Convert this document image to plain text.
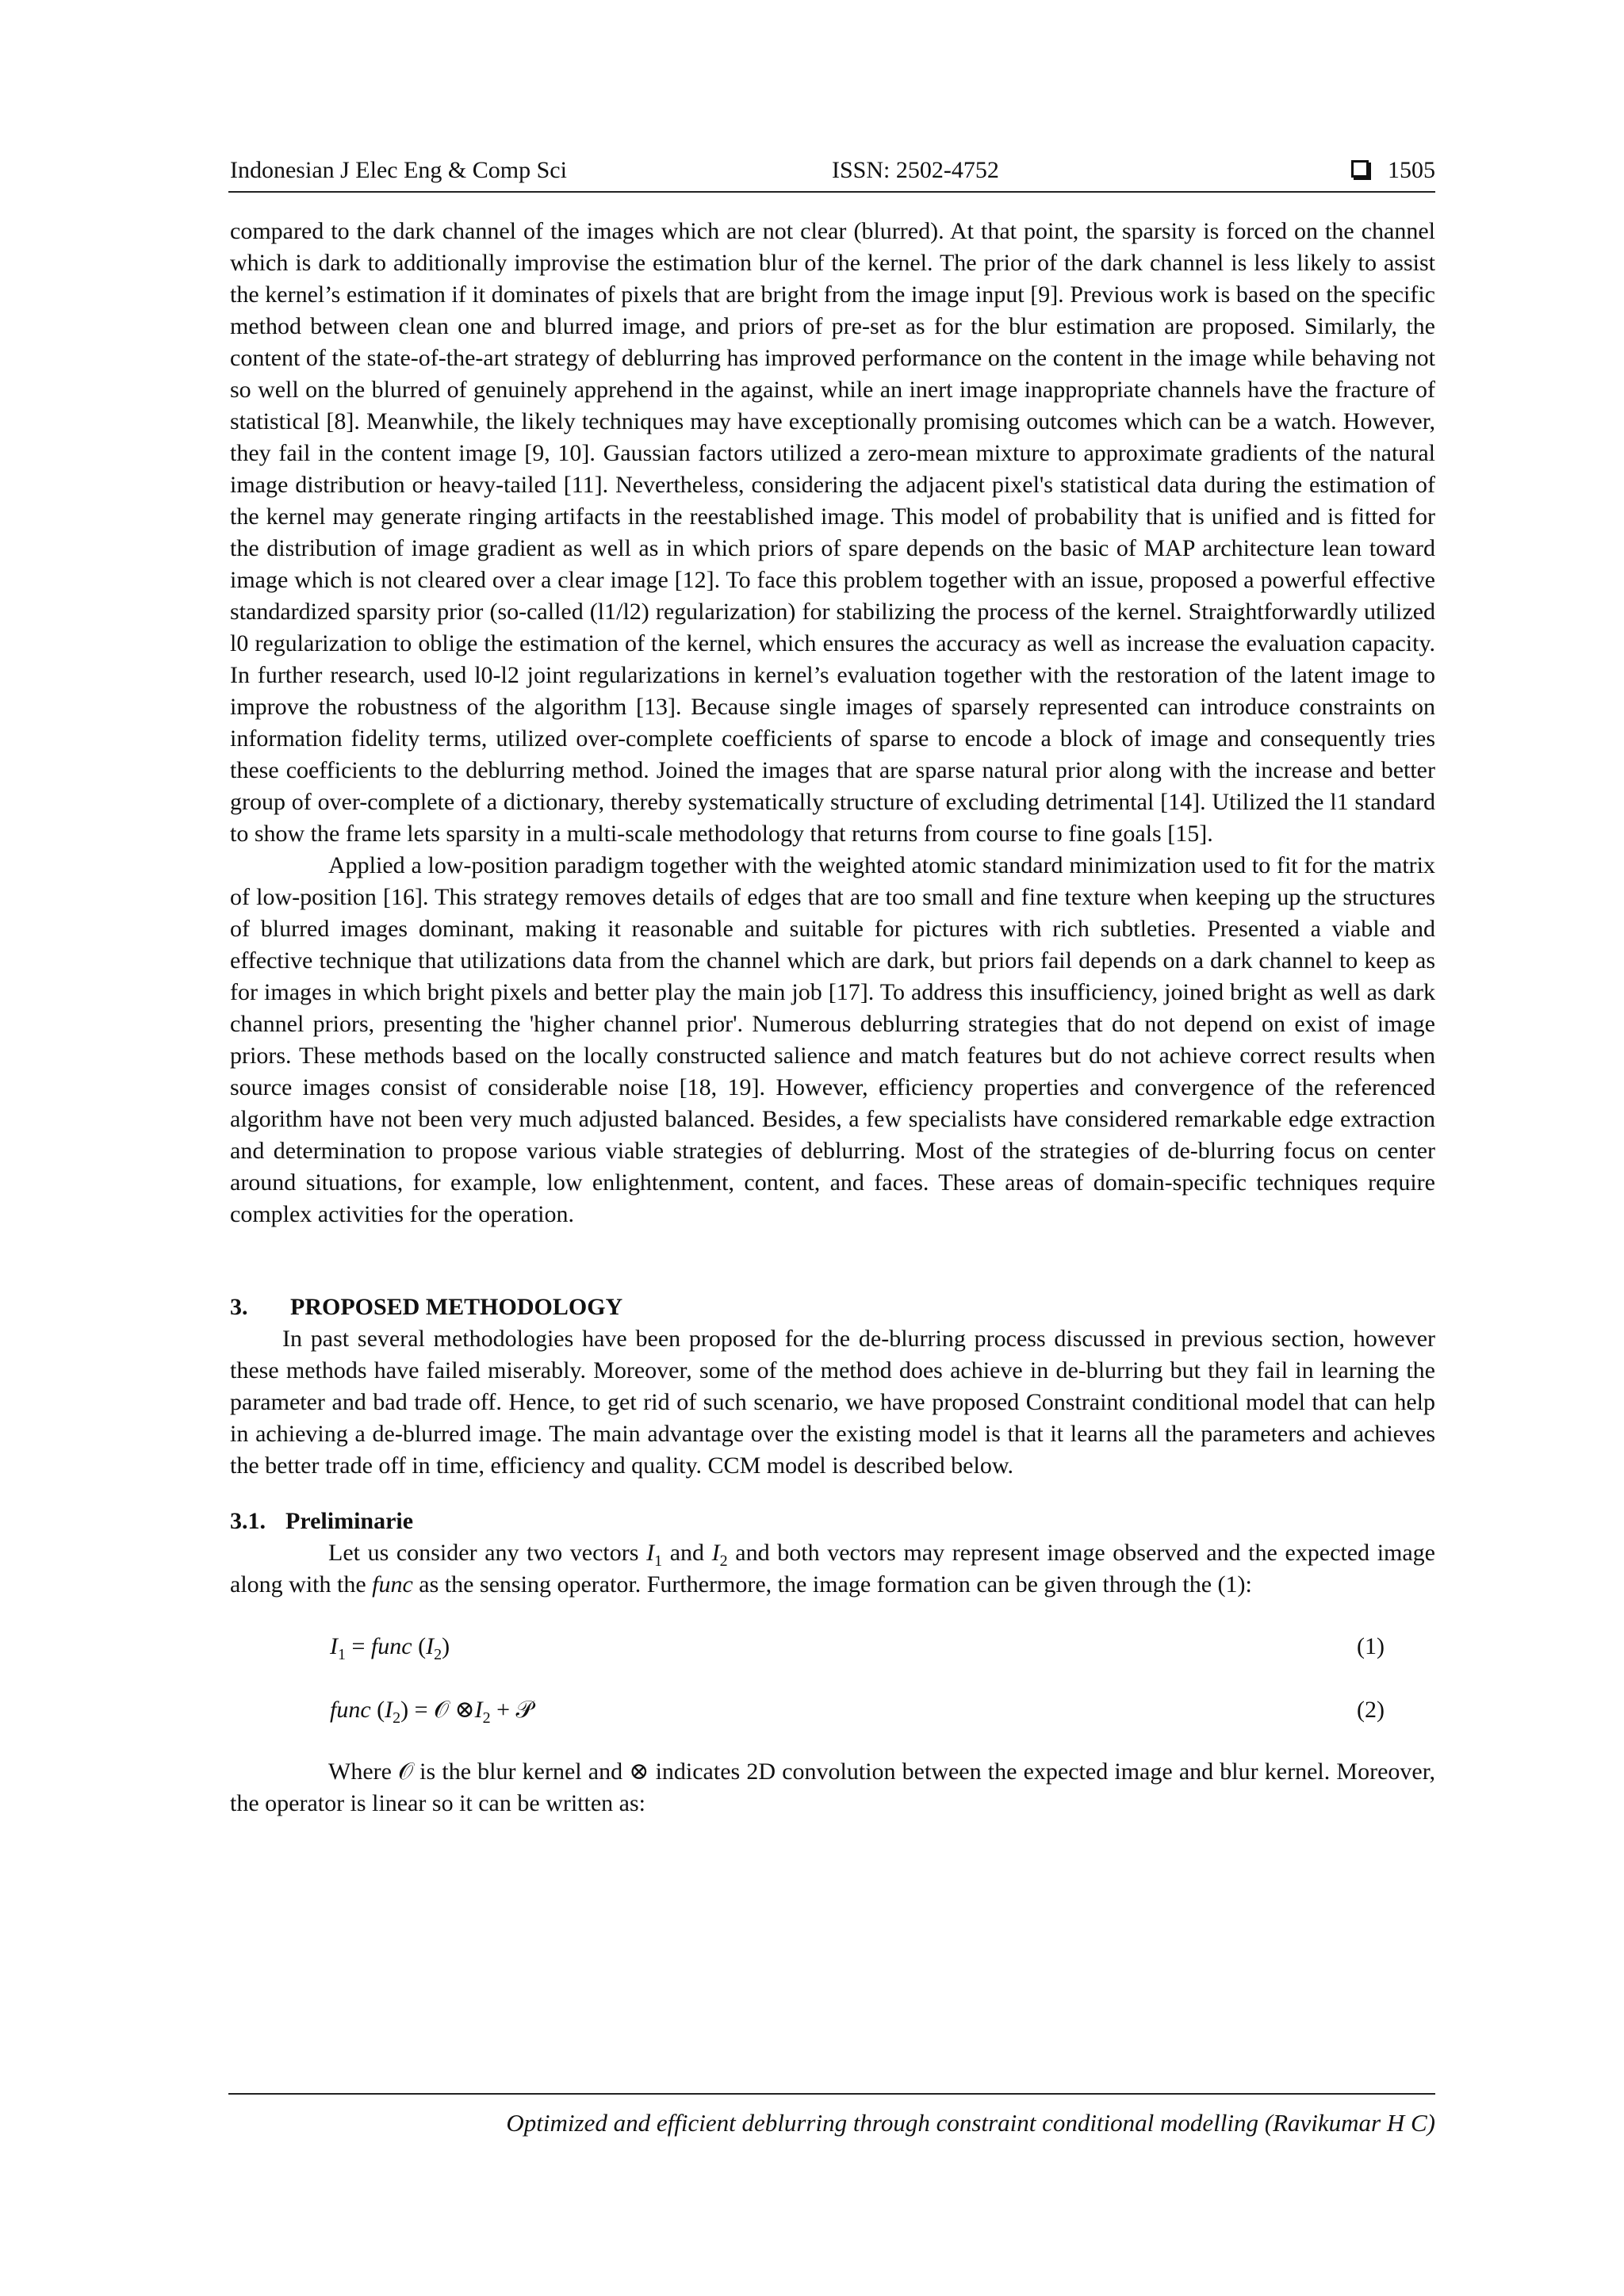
Indonesian J Elec Eng & Comp Sci	ISSN: 2502-4752	1505

compared to the dark channel of the images which are not clear (blurred). At that point, the sparsity is forced on the channel which is dark to additionally improvise the estimation blur of the kernel. The prior of the dark channel is less likely to assist the kernel’s estimation if it dominates of pixels that are bright from the image input [9]. Previous work is based on the specific method between clean one and blurred image, and priors of pre-set as for the blur estimation are proposed. Similarly, the content of the state-of-the-art strategy of deblurring has improved performance on the content in the image while behaving not so well on the blurred of genuinely apprehend in the against, while an inert image inappropriate channels have the fracture of statistical [8]. Meanwhile, the likely techniques may have exceptionally promising outcomes which can be a watch. However, they fail in the content image [9, 10]. Gaussian factors utilized a zero-mean mixture to approximate gradients of the natural image distribution or heavy-tailed [11]. Nevertheless, considering the adjacent pixel's statistical data during the estimation of the kernel may generate ringing artifacts in the reestablished image. This model of probability that is unified and is fitted for the distribution of image gradient as well as in which priors of spare depends on the basic of MAP architecture lean toward image which is not cleared over a clear image [12]. To face this problem together with an issue, proposed a powerful effective standardized sparsity prior (so-called (l1/l2) regularization) for stabilizing the process of the kernel. Straightforwardly utilized l0 regularization to oblige the estimation of the kernel, which ensures the accuracy as well as increase the evaluation capacity. In further research, used l0-l2 joint regularizations in kernel’s evaluation together with the restoration of the latent image to improve the robustness of the algorithm [13]. Because single images of sparsely represented can introduce constraints on information fidelity terms, utilized over-complete coefficients of sparse to encode a block of image and consequently tries these coefficients to the deblurring method. Joined the images that are sparse natural prior along with the increase and better group of over-complete of a dictionary, thereby systematically structure of excluding detrimental [14]. Utilized the l1 standard to show the frame lets sparsity in a multi-scale methodology that returns from course to fine goals [15].

Applied a low-position paradigm together with the weighted atomic standard minimization used to fit for the matrix of low-position [16]. This strategy removes details of edges that are too small and fine texture when keeping up the structures of blurred images dominant, making it reasonable and suitable for pictures with rich subtleties. Presented a viable and effective technique that utilizations data from the channel which are dark, but priors fail depends on a dark channel to keep as for images in which bright pixels and better play the main job [17]. To address this insufficiency, joined bright as well as dark channel priors, presenting the 'higher channel prior'. Numerous deblurring strategies that do not depend on exist of image priors. These methods based on the locally constructed salience and match features but do not achieve correct results when source images consist of considerable noise [18, 19]. However, efficiency properties and convergence of the referenced algorithm have not been very much adjusted balanced. Besides, a few specialists have considered remarkable edge extraction and determination to propose various viable strategies of deblurring. Most of the strategies of de-blurring focus on center around situations, for example, low enlightenment, content, and faces. These areas of domain-specific techniques require complex activities for the operation.

3. PROPOSED METHODOLOGY

In past several methodologies have been proposed for the de-blurring process discussed in previous section, however these methods have failed miserably. Moreover, some of the method does achieve in de-blurring but they fail in learning the parameter and bad trade off. Hence, to get rid of such scenario, we have proposed Constraint conditional model that can help in achieving a de-blurred image. The main advantage over the existing model is that it learns all the parameters and achieves the better trade off in time, efficiency and quality. CCM model is described below.

3.1. Preliminarie

Let us consider any two vectors $I_1$ and $I_2$ and both vectors may represent image observed and the expected image along with the func as the sensing operator. Furthermore, the image formation can be given through the (1):

$I_1$ = func $(I_2)$	(1)
func $(I_2)$ = 𝒪 $\otimes I_2$ + 𝒫	(2)

Where 𝒪 is the blur kernel and ⊗ indicates 2D convolution between the expected image and blur kernel. Moreover, the operator is linear so it can be written as:

Optimized and efficient deblurring through constraint conditional modelling (Ravikumar H C)
